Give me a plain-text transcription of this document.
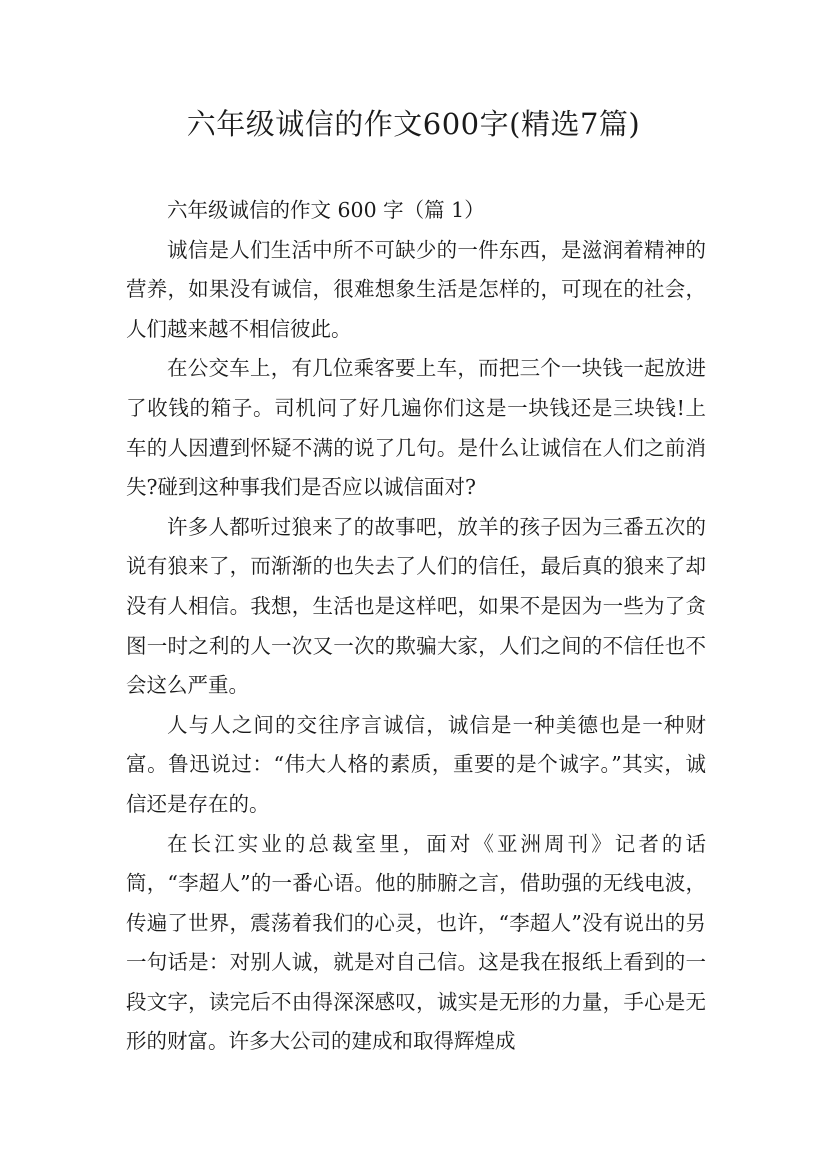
六年级诚信的作文600字(精选7篇)
六年级诚信的作文 600 字（篇 1）

诚信是人们生活中所不可缺少的一件东西，是滋润着精神的营养，如果没有诚信，很难想象生活是怎样的，可现在的社会，人们越来越不相信彼此。

在公交车上，有几位乘客要上车，而把三个一块钱一起放进了收钱的箱子。司机问了好几遍你们这是一块钱还是三块钱!上车的人因遭到怀疑不满的说了几句。是什么让诚信在人们之前消失?碰到这种事我们是否应以诚信面对?

许多人都听过狼来了的故事吧，放羊的孩子因为三番五次的说有狼来了，而渐渐的也失去了人们的信任，最后真的狼来了却没有人相信。我想，生活也是这样吧，如果不是因为一些为了贪图一时之利的人一次又一次的欺骗大家，人们之间的不信任也不会这么严重。

人与人之间的交往序言诚信，诚信是一种美德也是一种财富。鲁迅说过：“伟大人格的素质，重要的是个诚字。”其实，诚信还是存在的。

在长江实业的总裁室里，面对《亚洲周刊》记者的话筒，“李超人”的一番心语。他的肺腑之言，借助强的无线电波，传遍了世界，震荡着我们的心灵，也许，“李超人”没有说出的另一句话是：对别人诚，就是对自己信。这是我在报纸上看到的一段文字，读完后不由得深深感叹，诚实是无形的力量，手心是无形的财富。许多大公司的建成和取得辉煌成
